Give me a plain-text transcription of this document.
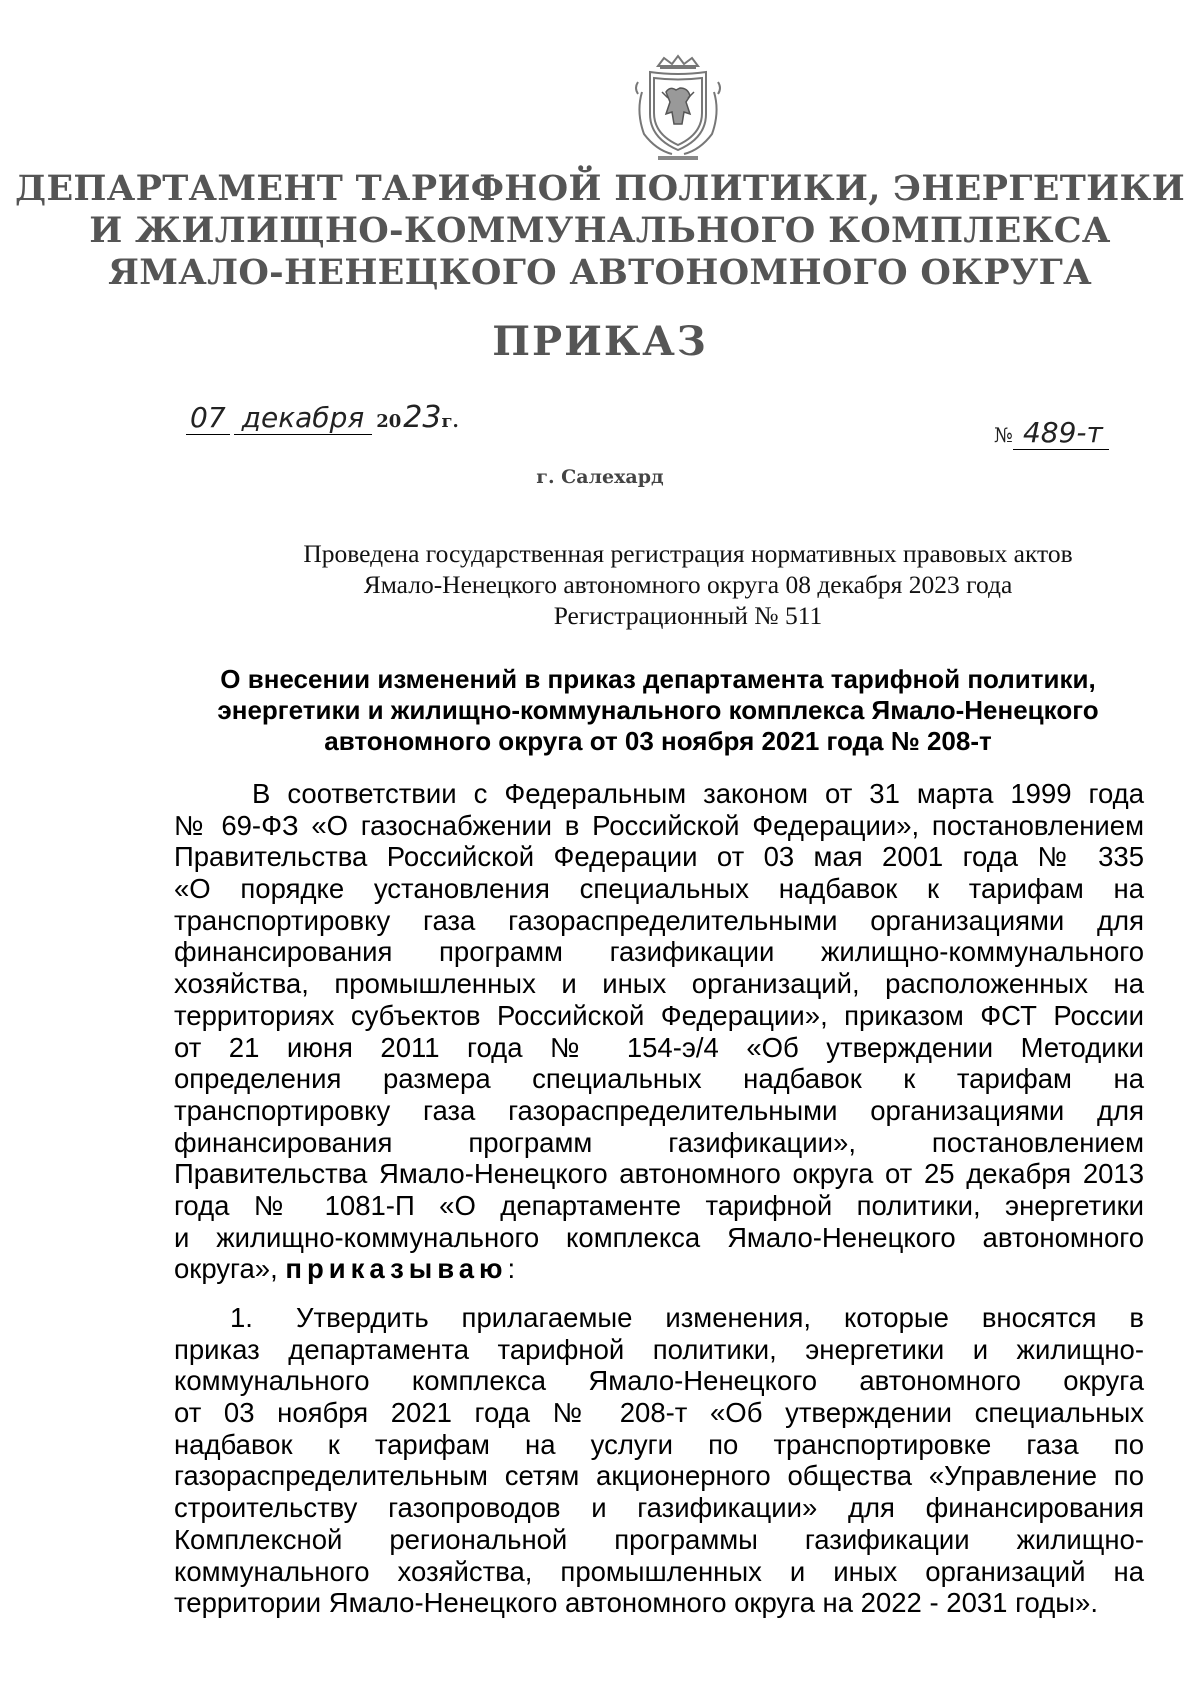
ДЕПАРТАМЕНТ ТАРИФНОЙ ПОЛИТИКИ, ЭНЕРГЕТИКИ
И ЖИЛИЩНО-КОММУНАЛЬНОГО КОМПЛЕКСА
ЯМАЛО-НЕНЕЦКОГО АВТОНОМНОГО ОКРУГА
ПРИКАЗ
07 декабря 2023г.
№ 489-т
г. Салехард
Проведена государственная регистрация нормативных правовых актов
Ямало-Ненецкого автономного округа 08 декабря 2023 года
Регистрационный № 511
О внесении изменений в приказ департамента тарифной политики,
энергетики и жилищно-коммунального комплекса Ямало-Ненецкого
автономного округа от 03 ноября 2021 года № 208-т
В соответствии с Федеральным законом от 31 марта 1999 года
№ 69-ФЗ «О газоснабжении в Российской Федерации», постановлением
Правительства Российской Федерации от 03 мая 2001 года № 335
«О порядке установления специальных надбавок к тарифам на
транспортировку газа газораспределительными организациями для
финансирования программ газификации жилищно-коммунального
хозяйства, промышленных и иных организаций, расположенных на
территориях субъектов Российской Федерации», приказом ФСТ России
от 21 июня 2011 года № 154-э/4 «Об утверждении Методики
определения размера специальных надбавок к тарифам на
транспортировку газа газораспределительными организациями для
финансирования программ газификации», постановлением
Правительства Ямало-Ненецкого автономного округа от 25 декабря 2013
года № 1081-П «О департаменте тарифной политики, энергетики
и жилищно-коммунального комплекса Ямало-Ненецкого автономного
округа», приказываю:
1.	Утвердить прилагаемые изменения, которые вносятся в
приказ департамента тарифной политики, энергетики и жилищно-
коммунального комплекса Ямало-Ненецкого автономного округа
от 03 ноября 2021 года № 208-т «Об утверждении специальных
надбавок к тарифам на услуги по транспортировке газа по
газораспределительным сетям акционерного общества «Управление по
строительству газопроводов и газификации» для финансирования
Комплексной региональной программы газификации жилищно-
коммунального хозяйства, промышленных и иных организаций на
территории Ямало-Ненецкого автономного округа на 2022 - 2031 годы».
